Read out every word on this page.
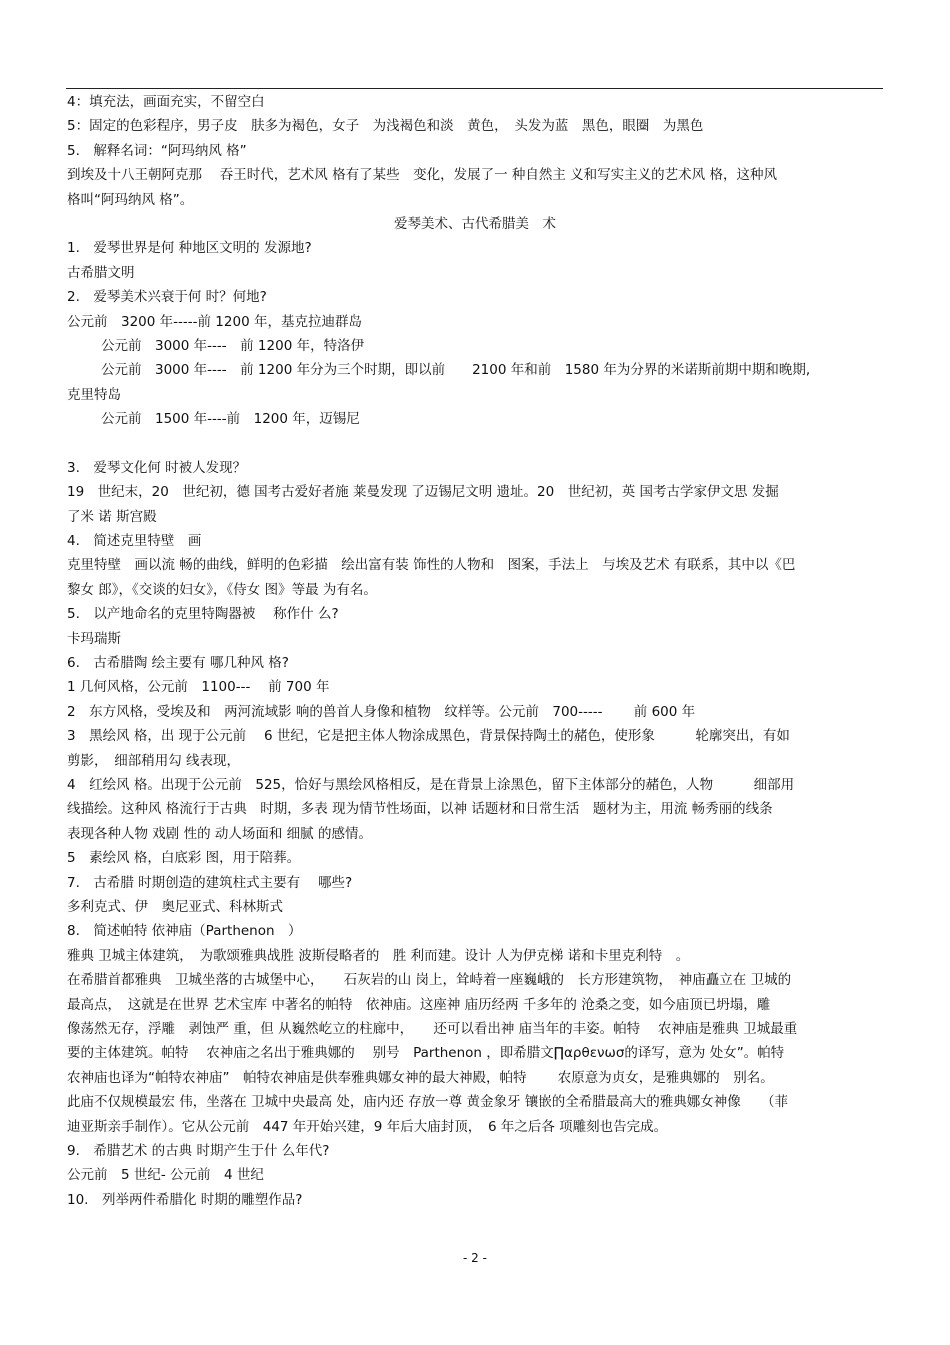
4：填充法，画面充实，不留空白

5：固定的色彩程序，男子皮　肤多为褐色，女子　为浅褐色和淡　黄色，　头发为蓝　黑色，眼圈　为黑色

5.　解释名词：“阿玛纳风 格”

到埃及十八王朝阿克那　 吞王时代，艺术风 格有了某些　变化，发展了一 种自然主 义和写实主义的艺术风 格，这种风

格叫“阿玛纳风 格”。

爱琴美术、古代希腊美　术

1.　爱琴世界是何 种地区文明的 发源地?

古希腊文明

2.　爱琴美术兴衰于何 时？何地?

公元前　3200 年-----前 1200 年，基克拉迪群岛

公元前　3000 年----　前 1200 年，特洛伊

公元前　3000 年----　前 1200 年分为三个时期，即以前　　2100 年和前　1580 年为分界的米诺斯前期中期和晚期,

克里特岛

公元前　1500 年----前　1200 年，迈锡尼

3.　爱琴文化何 时被人发现？

19　世纪末，20　世纪初，德 国考古爱好者施 莱曼发现 了迈锡尼文明 遗址。20　世纪初，英 国考古学家伊文思 发掘

了米 诺 斯宫殿

4.　简述克里特壁　画

克里特壁　画以流 畅的曲线，鲜明的色彩描　绘出富有装 饰性的人物和　图案，手法上　与埃及艺术 有联系，其中以《巴

黎女 郎》，《交谈的妇女》，《侍女 图》等最 为有名。

5.　以产地命名的克里特陶器被　 称作什 么?

卡玛瑞斯

6.　古希腊陶 绘主要有 哪几种风 格?

1 几何风格，公元前　1100---　 前 700 年

2　东方风格，受埃及和　两河流域影 响的兽首人身像和植物　纹样等。公元前　700-----　　 前 600 年

3　黑绘风 格，出 现于公元前　 6 世纪，它是把主体人物涂成黑色，背景保持陶土的赭色，使形象　　　轮廓突出，有如

剪影，　细部稍用勾 线表现，

4　红绘风 格。出现于公元前　525，恰好与黑绘风格相反，是在背景上涂黑色，留下主体部分的赭色，人物　　　细部用

线描绘。这种风 格流行于古典　时期，多表 现为情节性场面，以神 话题材和日常生活　题材为主，用流 畅秀丽的线条

表现各种人物 戏剧 性的 动人场面和 细腻 的感情。

5　素绘风 格，白底彩 图，用于陪葬。

7.　古希腊 时期创造的建筑柱式主要有　 哪些?

多利克式、伊　奥尼亚式、科林斯式

8.　简述帕特 依神庙（Parthenon　）

雅典 卫城主体建筑，　为歌颂雅典战胜 波斯侵略者的　胜 利而建。设计 人为伊克梯 诺和卡里克利特　。

在希腊首都雅典　卫城坐落的古城堡中心，　　石灰岩的山 岗上，耸峙着一座巍峨的　长方形建筑物，　神庙矗立在 卫城的

最高点，　这就是在世界 艺术宝库 中著名的帕特　依神庙。这座神 庙历经两 千多年的 沧桑之变，如今庙顶已坍塌，雕

像荡然无存，浮雕　剥蚀严 重，但 从巍然屹立的柱廊中，　　还可以看出神 庙当年的丰姿。帕特　 农神庙是雅典 卫城最重

要的主体建筑。帕特　 农神庙之名出于雅典娜的　 别号　Parthenon ，即希腊文∏αρθενωσ的译写，意为 处女”。帕特

农神庙也译为“帕特农神庙”　帕特农神庙是供奉雅典娜女神的最大神殿，帕特　　 农原意为贞女，是雅典娜的　别名。

此庙不仅规模最宏 伟，坐落在 卫城中央最高 处，庙内还 存放一尊 黄金象牙 镶嵌的全希腊最高大的雅典娜女神像　　（菲

迪亚斯亲手制作）。它从公元前　447 年开始兴建，9 年后大庙封顶，　6 年之后各 项雕刻也告完成。

9.　希腊艺术 的古典 时期产生于什 么年代?

公元前　5 世纪- 公元前　4 世纪

10.　列举两件希腊化 时期的雕塑作品?

- 2 -
